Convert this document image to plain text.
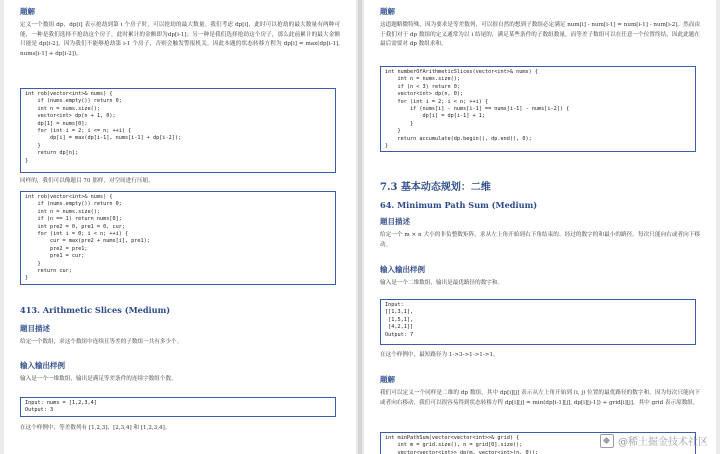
题解

定义一个数组 dp，dp[i] 表示抢劫到第 i 个房子时，可以抢劫的最大数量。我们考虑 dp[i]，此时可以抢劫的最大数量有两种可能，一种是我们选择不抢劫这个房子，此时累计的金额即为dp[i-1]；另一种是我们选择抢劫这个房子，那么此前累计的最大金额只能是 dp[i-2]，因为我们不能够抢劫第 i-1 个房子，否则会触发警报机关。因此本题的状态转移方程为 dp[i] = max(dp[i-1], nums[i-1] + dp[i-2])。

int rob(vector<int>& nums) {
if (nums.empty()) return 0;
int n = nums.size();
vector<int> dp(n + 1, 0);
dp[1] = nums[0];
for (int i = 2; i <= n; ++i) {
dp[i] = max(dp[i-1], nums[i-1] + dp[i-2]);
}
return dp[n];
}

同样的，我们可以像题目 70 那样，对空间进行压缩。

int rob(vector<int>& nums) {
if (nums.empty()) return 0;
int n = nums.size();
if (n == 1) return nums[0];
int pre2 = 0, pre1 = 0, cur;
for (int i = 0; i < n; ++i) {
cur = max(pre2 + nums[i], pre1);
pre2 = pre1;
pre1 = cur;
}
return cur;
}
413. Arithmetic Slices (Medium)
题目描述

给定一个数组，求这个数组中连续且等差的子数组一共有多少个。

输入输出样例

输入是一个一维数组，输出是满足等差条件的连续字数组个数。

Input: nums = [1,2,3,4]
Output: 3

在这个样例中，等差数列有 [1,2,3]、[2,3,4] 和 [1,2,3,4]。

题解

这道题略微特殊，因为要求是等差数列，可以很自然的想到子数组必定满足 num[i] - num[i-1] = num[i-1] - num[i-2]。然而由于我们对于 dp 数组的定义通常为以 i 结尾的，满足某些条件的子数组数量，而等差子数组可以在任意一个位置终结，因此此题在最后需要对 dp 数组求和。

int numberOfArithmeticSlices(vector<int>& nums) {
int n = nums.size();
if (n < 3) return 0;
vector<int> dp(n, 0);
for (int i = 2; i < n; ++i) {
if (nums[i] - nums[i-1] == nums[i-1] - nums[i-2]) {
dp[i] = dp[i-1] + 1;
}
}
return accumulate(dp.begin(), dp.end(), 0);
}
7.3 基本动态规划：二维
64. Minimum Path Sum (Medium)
题目描述

给定一个 m × n 大小的非负整数矩阵，求从左上角开始到右下角结束的、经过的数字的和最小的路径。每次只能向右或者向下移动。

输入输出样例

输入是一个二维数组，输出是最优路径的数字和。

Input:
[[1,3,1],
[1,5,1],
[4,2,1]]
Output: 7

在这个样例中，最短路径为 1->3->1->1->1。

题解

我们可以定义一个同样是二维的 dp 数组，其中 dp[i][j] 表示从左上角开始到 (i, j) 位置的最优路径的数字和。因为每次只能向下或者向右移动，我们可以很容易得到状态转移方程 dp[i][j] = min(dp[i-1][j], dp[i][j-1]) + grid[i][j]，其中 grid 表示原数组。

int minPathSum(vector<vector<int>>& grid) {
int m = grid.size(), n = grid[0].size();
vector<vector<int>> dp(m, vector<int>(n, 0));
@稀土掘金技术社区
